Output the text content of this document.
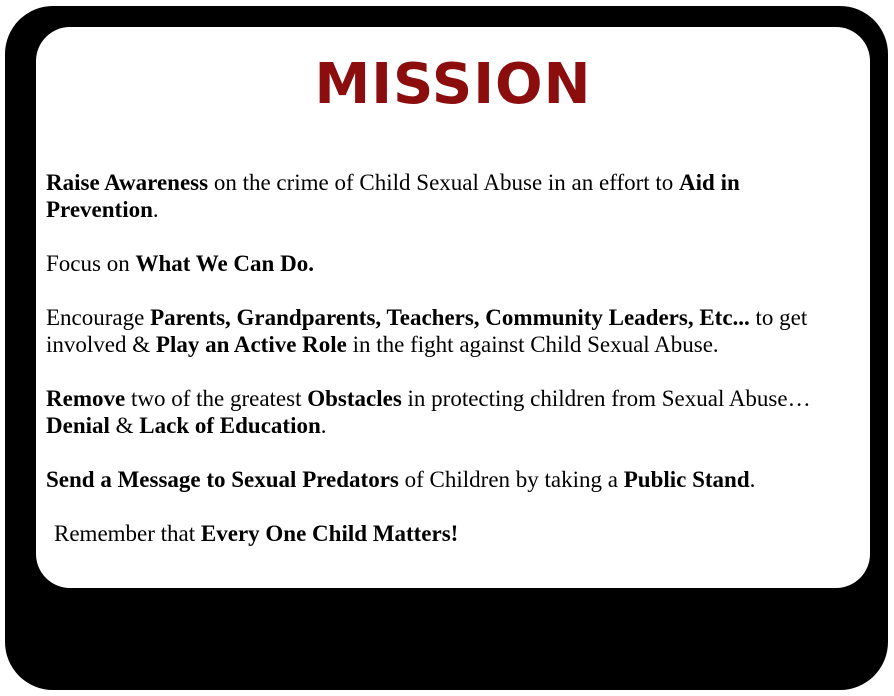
MISSION

Raise Awareness on the crime of Child Sexual Abuse in an effort to Aid in Prevention.

Focus on What We Can Do.

Encourage Parents, Grandparents, Teachers, Community Leaders, Etc... to get involved & Play an Active Role in the fight against Child Sexual Abuse.

Remove two of the greatest Obstacles in protecting children from Sexual Abuse…Denial & Lack of Education.

Send a Message to Sexual Predators of Children by taking a Public Stand.

Remember that Every One Child Matters!
